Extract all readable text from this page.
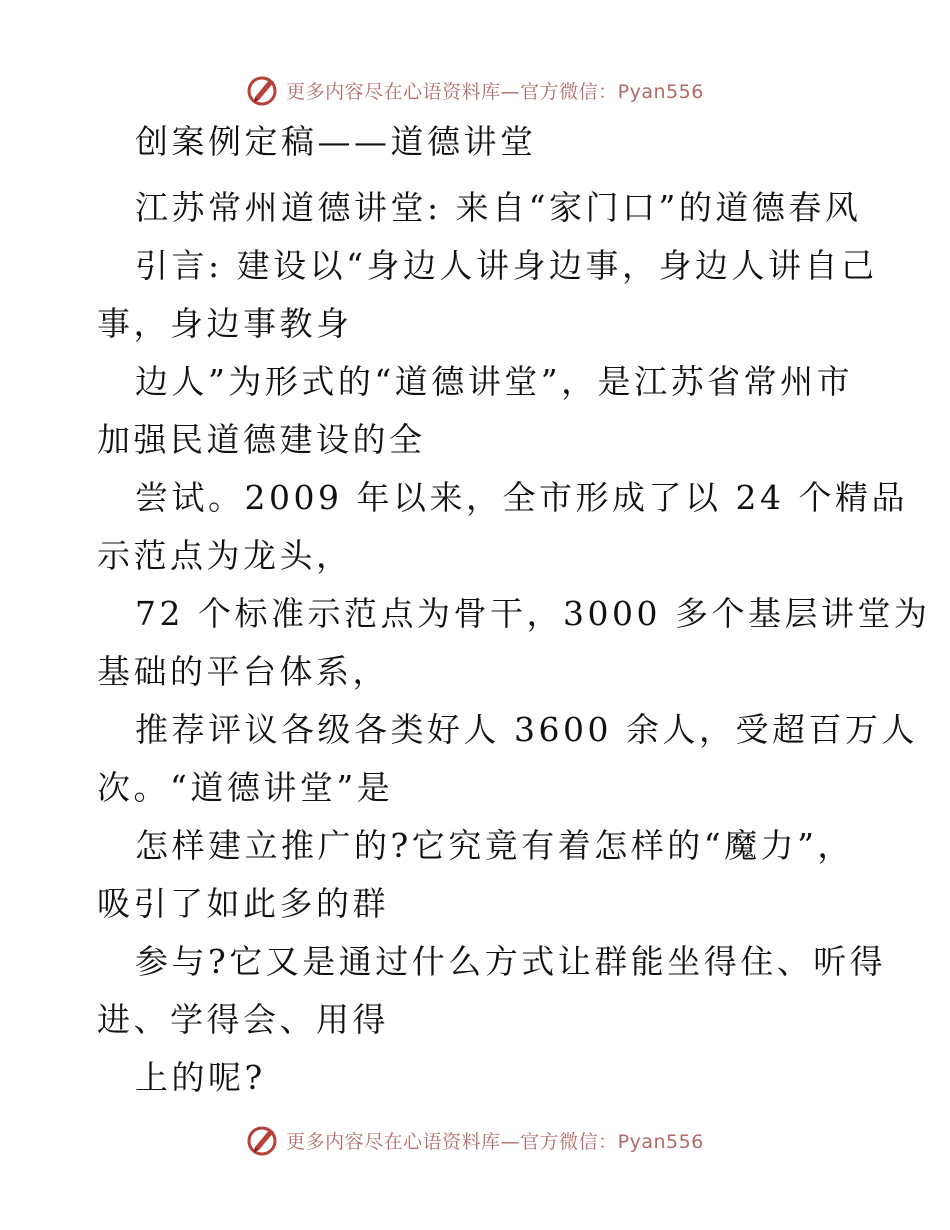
更多内容尽在心语资料库—官方微信：Pyan556
创案例定稿——道德讲堂
江苏常州道德讲堂: 来自“家门口”的道德春风
引言: 建设以“身边人讲身边事，身边人讲自己
事，身边事教身
边人”为形式的“道德讲堂”，是江苏省常州市
加强民道德建设的全
尝试。2009 年以来，全市形成了以 24 个精品
示范点为龙头，
72 个标准示范点为骨干，3000 多个基层讲堂为
基础的平台体系，
推荐评议各级各类好人 3600 余人，受超百万人
次。“道德讲堂”是
怎样建立推广的?它究竟有着怎样的“魔力”，
吸引了如此多的群
参与?它又是通过什么方式让群能坐得住、听得
进、学得会、用得
上的呢?
更多内容尽在心语资料库—官方微信：Pyan556
